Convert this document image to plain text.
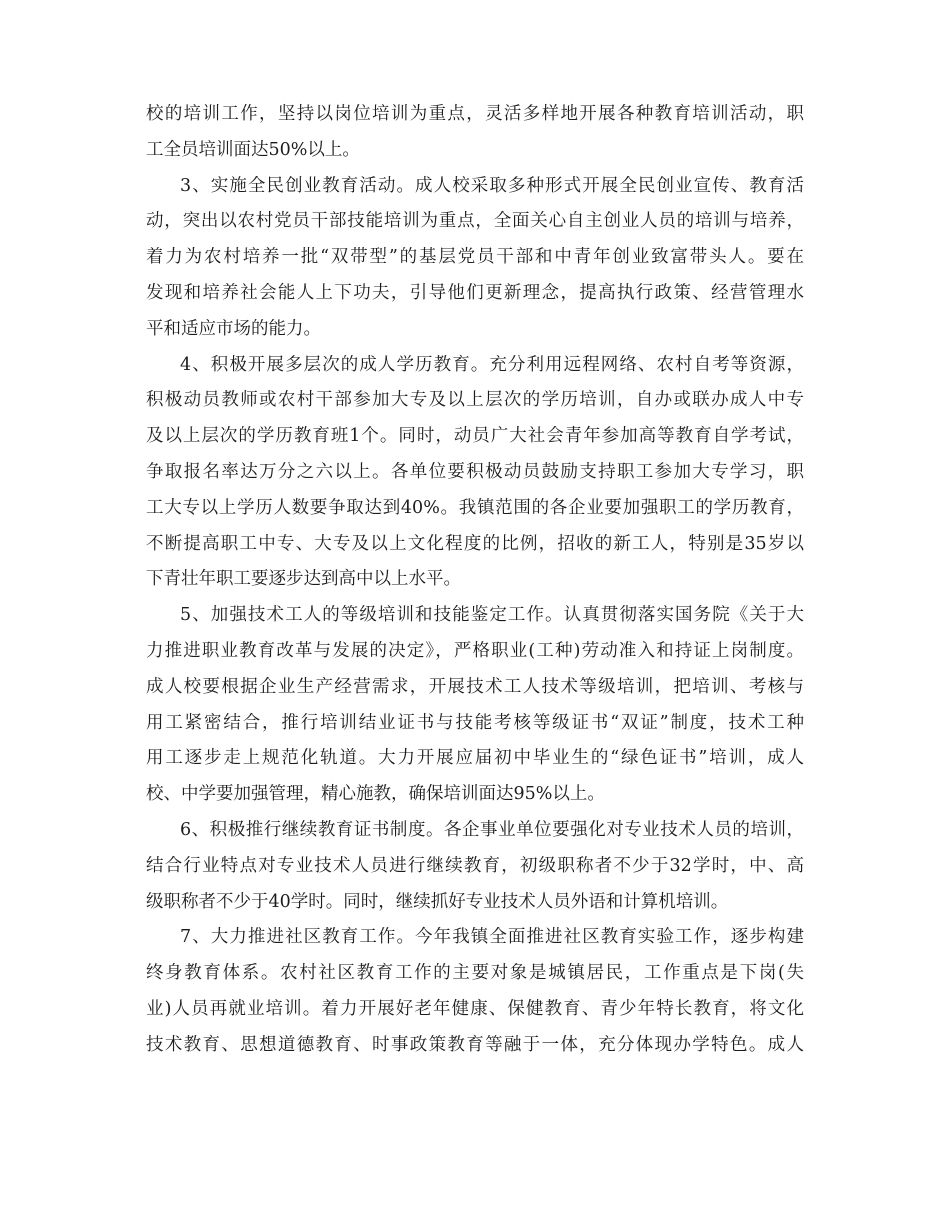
校的培训工作，坚持以岗位培训为重点，灵活多样地开展各种教育培训活动，职
工全员培训面达50%以上。
3、实施全民创业教育活动。成人校采取多种形式开展全民创业宣传、教育活
动，突出以农村党员干部技能培训为重点，全面关心自主创业人员的培训与培养，
着力为农村培养一批“双带型”的基层党员干部和中青年创业致富带头人。要在
发现和培养社会能人上下功夫，引导他们更新理念，提高执行政策、经营管理水
平和适应市场的能力。
4、积极开展多层次的成人学历教育。充分利用远程网络、农村自考等资源，
积极动员教师或农村干部参加大专及以上层次的学历培训，自办或联办成人中专
及以上层次的学历教育班1个。同时，动员广大社会青年参加高等教育自学考试，
争取报名率达万分之六以上。各单位要积极动员鼓励支持职工参加大专学习，职
工大专以上学历人数要争取达到40%。我镇范围的各企业要加强职工的学历教育，
不断提高职工中专、大专及以上文化程度的比例，招收的新工人，特别是35岁以
下青壮年职工要逐步达到高中以上水平。
5、加强技术工人的等级培训和技能鉴定工作。认真贯彻落实国务院《关于大
力推进职业教育改革与发展的决定》，严格职业(工种)劳动准入和持证上岗制度。
成人校要根据企业生产经营需求，开展技术工人技术等级培训，把培训、考核与
用工紧密结合，推行培训结业证书与技能考核等级证书“双证”制度，技术工种
用工逐步走上规范化轨道。大力开展应届初中毕业生的“绿色证书”培训，成人
校、中学要加强管理，精心施教，确保培训面达95%以上。
6、积极推行继续教育证书制度。各企事业单位要强化对专业技术人员的培训，
结合行业特点对专业技术人员进行继续教育，初级职称者不少于32学时，中、高
级职称者不少于40学时。同时，继续抓好专业技术人员外语和计算机培训。
7、大力推进社区教育工作。今年我镇全面推进社区教育实验工作，逐步构建
终身教育体系。农村社区教育工作的主要对象是城镇居民，工作重点是下岗(失
业)人员再就业培训。着力开展好老年健康、保健教育、青少年特长教育，将文化
技术教育、思想道德教育、时事政策教育等融于一体，充分体现办学特色。成人
